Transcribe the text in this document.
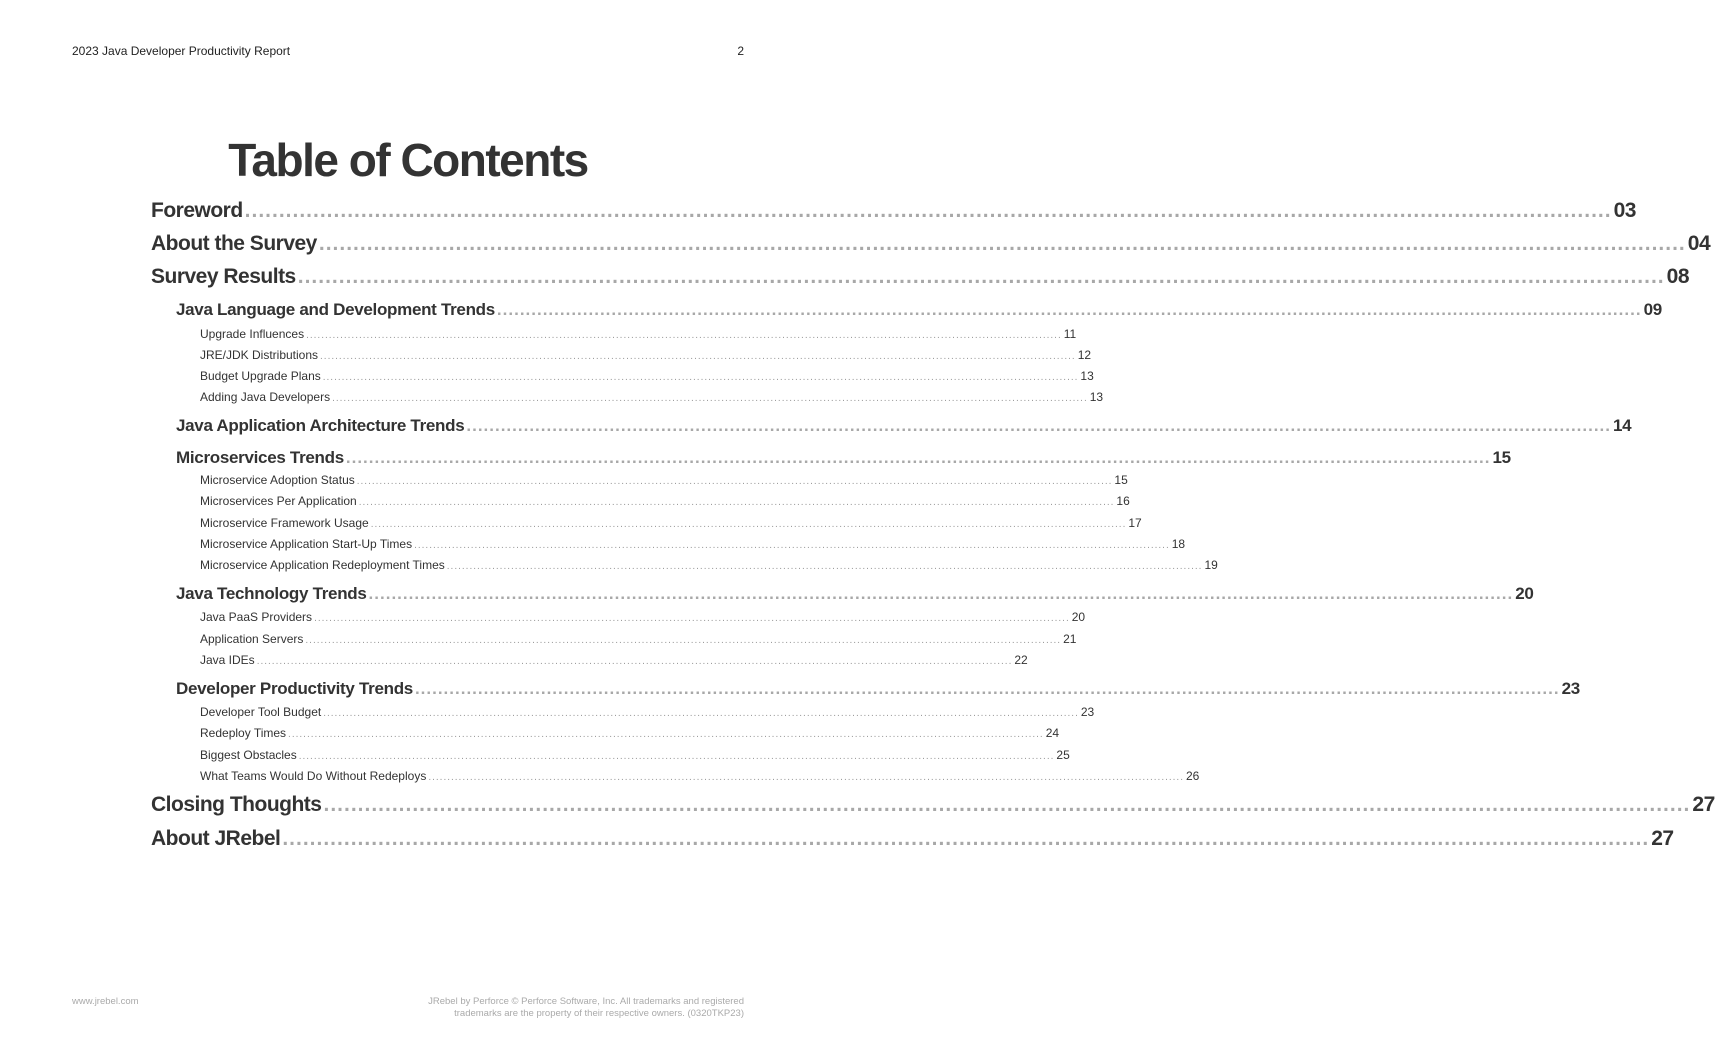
2023 Java Developer Productivity Report	2
Table of Contents
Foreword ........................................................................................................................................................................................................ 03
About the Survey ........................................................................................................................................................................................................ 04
Survey Results ........................................................................................................................................................................................................ 08
Java Language and Development Trends ........................................................................................................................................................................................................ 09
Upgrade Influences ........................................................................................................................................................................................................ 11
JRE/JDK Distributions ........................................................................................................................................................................................................ 12
Budget Upgrade Plans ........................................................................................................................................................................................................ 13
Adding Java Developers ........................................................................................................................................................................................................ 13
Java Application Architecture Trends ........................................................................................................................................................................................................ 14
Microservices Trends ........................................................................................................................................................................................................ 15
Microservice Adoption Status ........................................................................................................................................................................................................ 15
Microservices Per Application ........................................................................................................................................................................................................ 16
Microservice Framework Usage ........................................................................................................................................................................................................ 17
Microservice Application Start-Up Times ........................................................................................................................................................................................................ 18
Microservice Application Redeployment Times ........................................................................................................................................................................................................ 19
Java Technology Trends ........................................................................................................................................................................................................ 20
Java PaaS Providers ........................................................................................................................................................................................................ 20
Application Servers ........................................................................................................................................................................................................ 21
Java IDEs ........................................................................................................................................................................................................ 22
Developer Productivity Trends ........................................................................................................................................................................................................ 23
Developer Tool Budget ........................................................................................................................................................................................................ 23
Redeploy Times ........................................................................................................................................................................................................ 24
Biggest Obstacles ........................................................................................................................................................................................................ 25
What Teams Would Do Without Redeploys ........................................................................................................................................................................................................ 26
Closing Thoughts ........................................................................................................................................................................................................ 27
About JRebel ........................................................................................................................................................................................................ 27
www.jrebel.com	JRebel by Perforce © Perforce Software, Inc. All trademarks and registered
trademarks are the property of their respective owners. (0320TKP23)
